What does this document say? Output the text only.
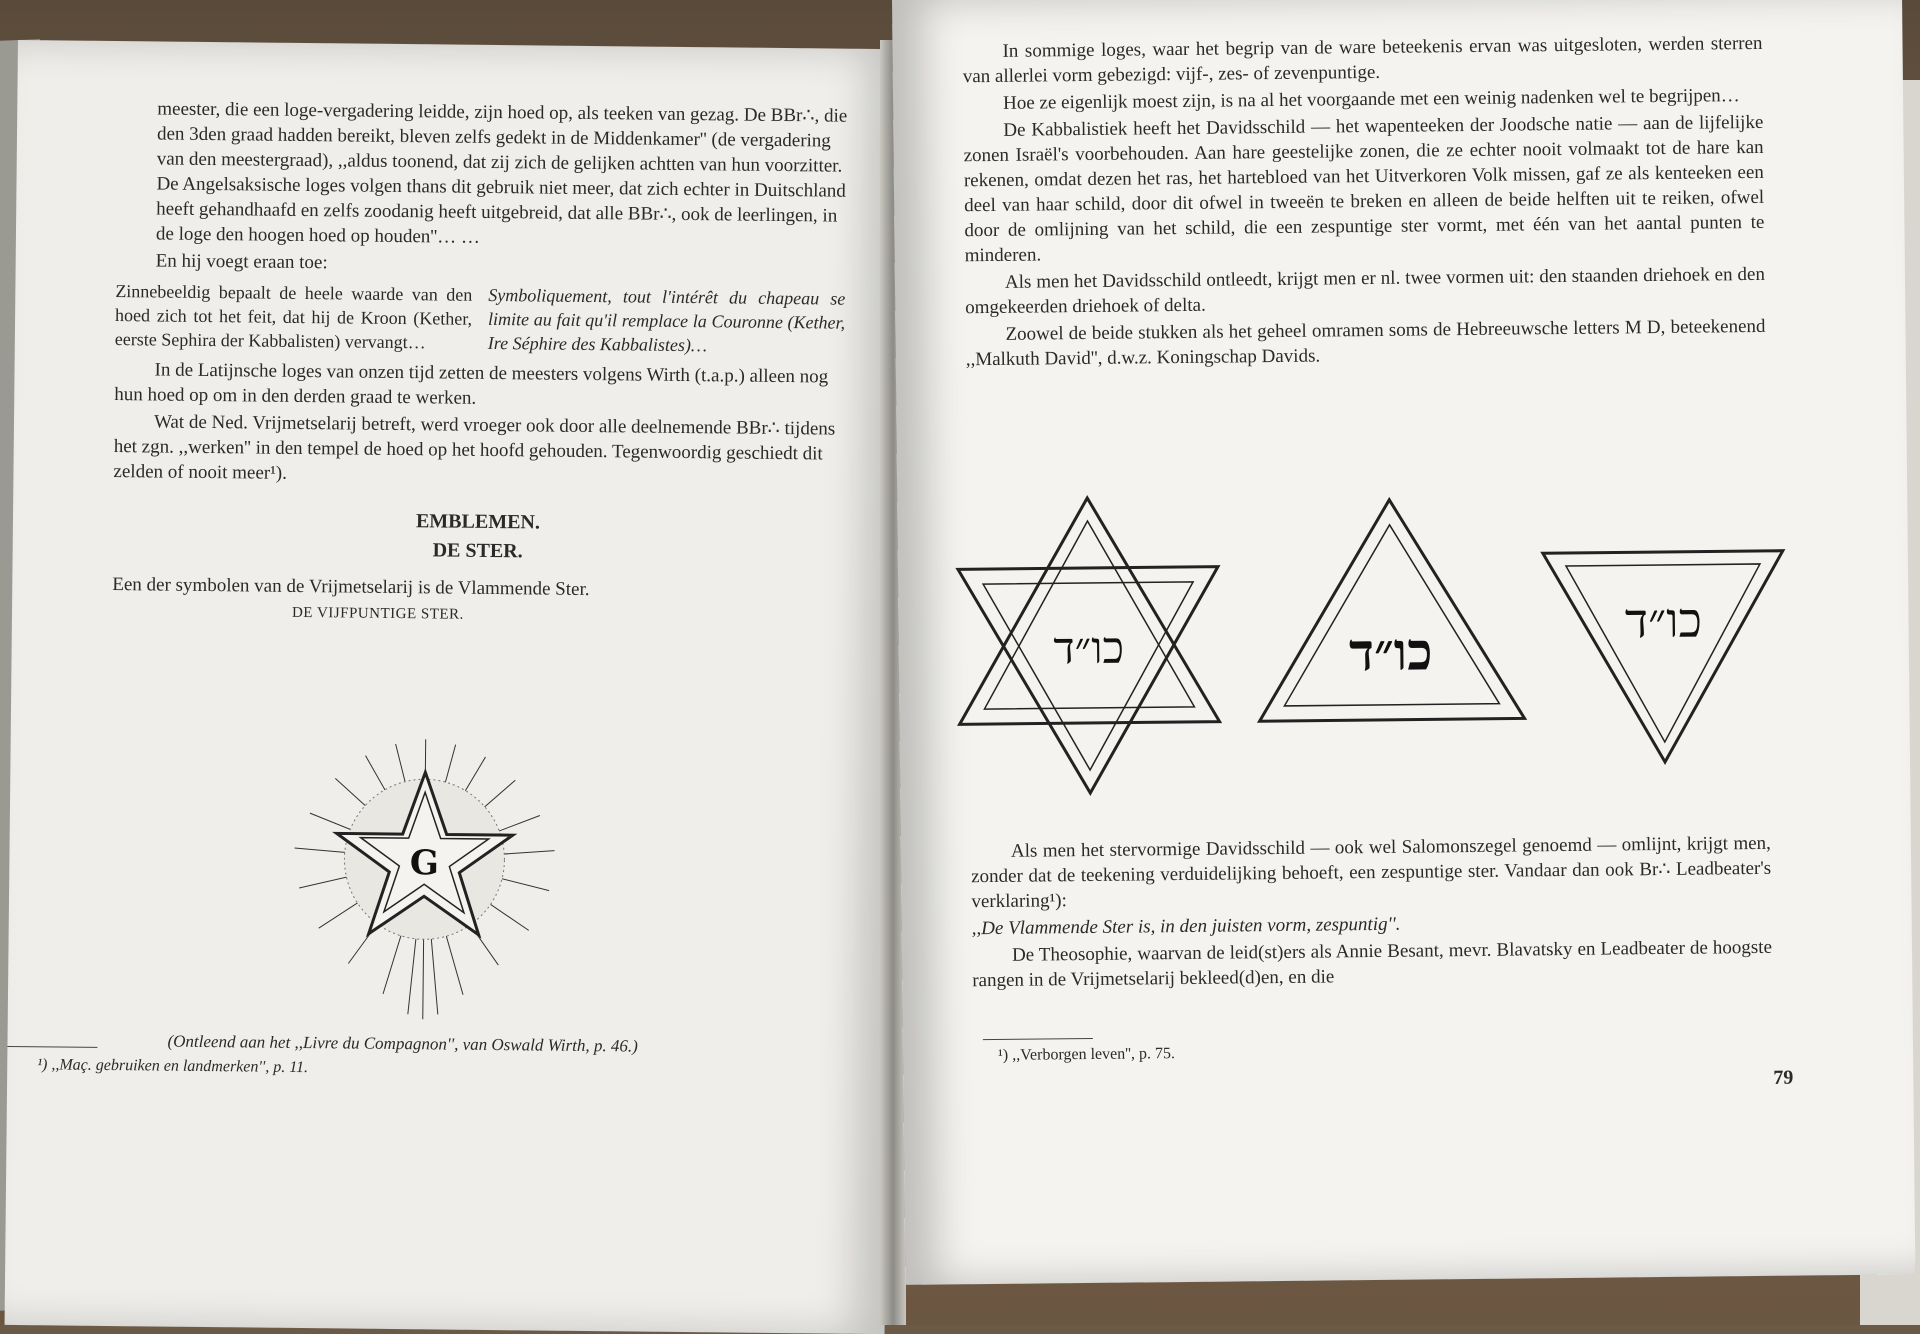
meester, die een loge-vergadering leidde, zijn hoed op, als teeken van gezag. De BBr∴, die den 3den graad hadden bereikt, bleven zelfs gedekt in de Middenkamer'' (de vergadering van den meestergraad), ,,aldus toonend, dat zij zich de gelijken achtten van hun voorzitter. De Angelsaksische loges volgen thans dit gebruik niet meer, dat zich echter in Duitschland heeft gehandhaafd en zelfs zoodanig heeft uitgebreid, dat alle BBr∴, ook de leerlingen, in de loge den hoogen hoed op houden''… …

En hij voegt eraan toe:

Zinnebeeldig bepaalt de heele waarde van den hoed zich tot het feit, dat hij de Kroon (Kether, eerste Sephira der Kabbalisten) vervangt…
Symboliquement, tout l'intérêt du chapeau se limite au fait qu'il remplace la Couronne (Kether, Ire Séphire des Kabbalistes)…

In de Latijnsche loges van onzen tijd zetten de meesters volgens Wirth (t.a.p.) alleen nog hun hoed op om in den derden graad te werken.

Wat de Ned. Vrijmetselarij betreft, werd vroeger ook door alle deelnemende BBr∴ tijdens het zgn. ,,werken'' in den tempel de hoed op het hoofd gehouden. Tegenwoordig geschiedt dit zelden of nooit meer¹).

EMBLEMEN.
DE STER.

Een der symbolen van de Vrijmetselarij is de Vlammende Ster.

DE VIJFPUNTIGE STER.

G
(Ontleend aan het ,,Livre du Compagnon'', van Oswald Wirth, p. 46.)
¹) ,,Maç. gebruiken en landmerken'', p. 11.

In sommige loges, waar het begrip van de ware beteekenis ervan was uitgesloten, werden sterren van allerlei vorm gebezigd: vijf-, zes- of zevenpuntige.

Hoe ze eigenlijk moest zijn, is na al het voorgaande met een weinig nadenken wel te begrijpen…

De Kabbalistiek heeft het Davidsschild — het wapenteeken der Joodsche natie — aan de lijfelijke zonen Israël's voorbehouden. Aan hare geestelijke zonen, die ze echter nooit volmaakt tot de hare kan rekenen, omdat dezen het ras, het hartebloed van het Uitverkoren Volk missen, gaf ze als kenteeken een deel van haar schild, door dit ofwel in tweeën te breken en alleen de beide helften uit te reiken, ofwel door de omlijning van het schild, die een zespuntige ster vormt, met één van het aantal punten te minderen.

Als men het Davidsschild ontleedt, krijgt men er nl. twee vormen uit: den staanden driehoek en den omgekeerden driehoek of delta.

Zoowel de beide stukken als het geheel omramen soms de Hebreeuwsche letters M D, beteekenend ,,Malkuth David'', d.w.z. Koningschap Davids.

כו״ד	כו״ד
כו״ד

Als men het stervormige Davidsschild — ook wel Salomonszegel genoemd — omlijnt, krijgt men, zonder dat de teekening verduidelijking behoeft, een zespuntige ster. Vandaar dan ook Br∴ Leadbeater's verklaring¹):

,,De Vlammende Ster is, in den juisten vorm, zespuntig''.

De Theosophie, waarvan de leid(st)ers als Annie Besant, mevr. Blavatsky en Leadbeater de hoogste rangen in de Vrijmetselarij bekleed(d)en, en die

¹) ,,Verborgen leven'', p. 75.
79
